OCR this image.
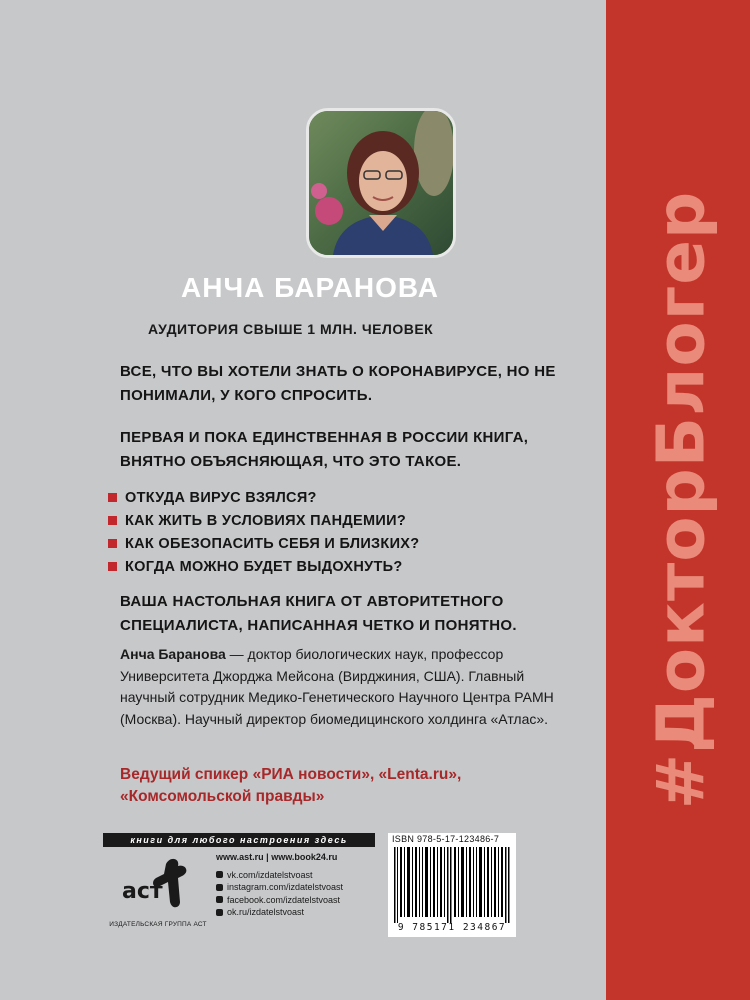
#ДокторБлогер
АНЧА БАРАНОВА
АУДИТОРИЯ СВЫШЕ 1 МЛН. ЧЕЛОВЕК
ВСЕ, ЧТО ВЫ ХОТЕЛИ ЗНАТЬ О КОРОНАВИРУСЕ, НО НЕ ПОНИМАЛИ, У КОГО СПРОСИТЬ.
ПЕРВАЯ И ПОКА ЕДИНСТВЕННАЯ В РОССИИ КНИГА, ВНЯТНО ОБЪЯСНЯЮЩАЯ, ЧТО ЭТО ТАКОЕ.
ОТКУДА ВИРУС ВЗЯЛСЯ?
КАК ЖИТЬ В УСЛОВИЯХ ПАНДЕМИИ?
КАК ОБЕЗОПАСИТЬ СЕБЯ И БЛИЗКИХ?
КОГДА МОЖНО БУДЕТ ВЫДОХНУТЬ?
ВАША НАСТОЛЬНАЯ КНИГА ОТ АВТОРИТЕТНОГО СПЕЦИАЛИСТА, НАПИСАННАЯ ЧЕТКО И ПОНЯТНО.
Анча Баранова — доктор биологических наук, профессор Университета Джорджа Мейсона (Вирджиния, США). Главный научный сотрудник Медико-Генетического Научного Центра РАМН (Москва). Научный директор биомедицинского холдинга «Атлас».
Ведущий спикер «РИА новости», «Lenta.ru», «Комсомольской правды»
книги для любого настроения здесь
аст
ИЗДАТЕЛЬСКАЯ ГРУППА АСТ
www.ast.ru | www.book24.ru
vk.com/izdatelstvoast
instagram.com/izdatelstvoast
facebook.com/izdatelstvoast
ok.ru/izdatelstvoast
ISBN 978-5-17-123486-7
9 785171 234867
